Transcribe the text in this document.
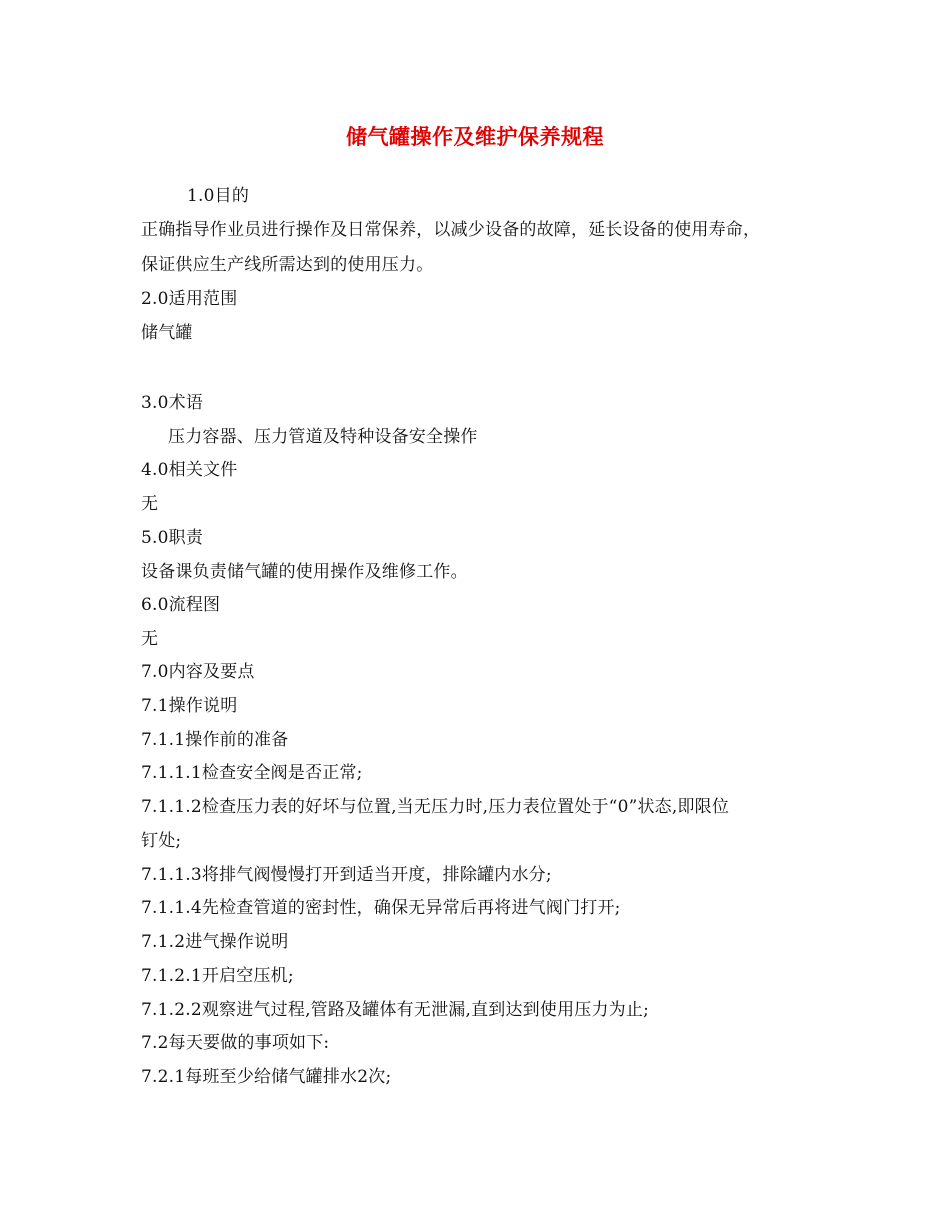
储气罐操作及维护保养规程
1.0目的
正确指导作业员进行操作及日常保养，以减少设备的故障，延长设备的使用寿命，
保证供应生产线所需达到的使用压力。
2.0适用范围
储气罐
3.0术语
压力容器、压力管道及特种设备安全操作
4.0相关文件
无
5.0职责
设备课负责储气罐的使用操作及维修工作。
6.0流程图
无
7.0内容及要点
7.1操作说明
7.1.1操作前的准备
7.1.1.1检查安全阀是否正常;
7.1.1.2检查压力表的好坏与位置,当无压力时,压力表位置处于“0”状态,即限位
钉处;
7.1.1.3将排气阀慢慢打开到适当开度，排除罐内水分;
7.1.1.4先检查管道的密封性，确保无异常后再将进气阀门打开;
7.1.2进气操作说明
7.1.2.1开启空压机;
7.1.2.2观察进气过程,管路及罐体有无泄漏,直到达到使用压力为止;
7.2每天要做的事项如下:
7.2.1每班至少给储气罐排水2次;
